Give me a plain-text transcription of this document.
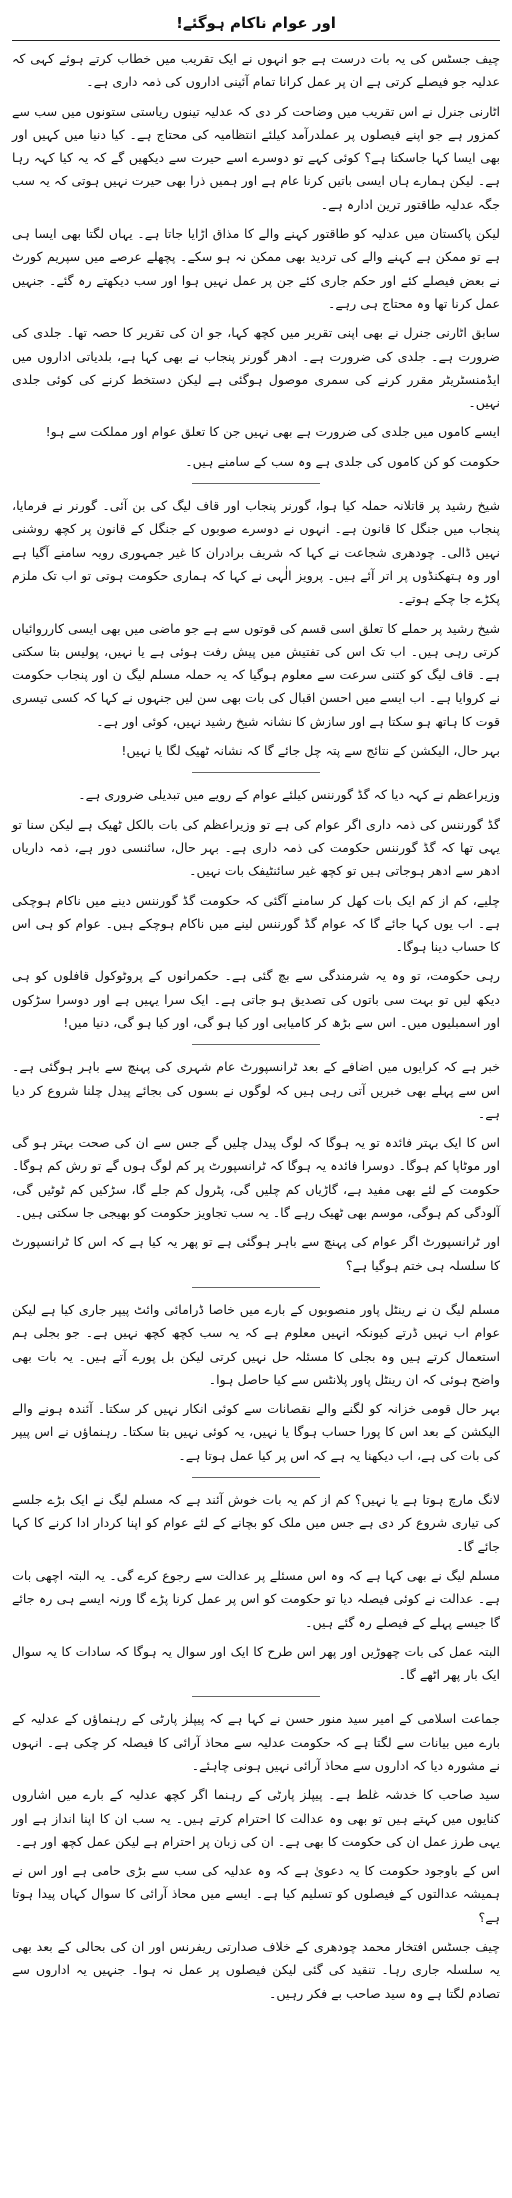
اور عوام ناکام ہوگئے!

چیف جسٹس کی یہ بات درست ہے جو انہوں نے ایک تقریب میں خطاب کرتے ہوئے کہی کہ عدلیہ جو فیصلے کرتی ہے ان پر عمل کرانا تمام آئینی اداروں کی ذمہ داری ہے۔

اٹارنی جنرل نے اس تقریب میں وضاحت کر دی کہ عدلیہ تینوں ریاستی ستونوں میں سب سے کمزور ہے جو اپنے فیصلوں پر عملدرآمد کیلئے انتظامیہ کی محتاج ہے۔ کیا دنیا میں کہیں اور بھی ایسا کہا جاسکتا ہے؟ کوئی کہے تو دوسرے اسے حیرت سے دیکھیں گے کہ یہ کیا کہہ رہا ہے۔ لیکن ہمارے ہاں ایسی باتیں کرنا عام ہے اور ہمیں ذرا بھی حیرت نہیں ہوتی کہ یہ سب جگہ عدلیہ طاقتور ترین ادارہ ہے۔

لیکن پاکستان میں عدلیہ کو طاقتور کہنے والے کا مذاق اڑایا جاتا ہے۔ یہاں لگتا بھی ایسا ہی ہے تو ممکن ہے کہنے والے کی تردید بھی ممکن نہ ہو سکے۔ پچھلے عرصے میں سپریم کورٹ نے بعض فیصلے کئے اور حکم جاری کئے جن پر عمل نہیں ہوا اور سب دیکھتے رہ گئے۔ جنہیں عمل کرنا تھا وہ محتاج ہی رہے۔

سابق اٹارنی جنرل نے بھی اپنی تقریر میں کچھ کہا، جو ان کی تقریر کا حصہ تھا۔ جلدی کی ضرورت ہے۔ جلدی کی ضرورت ہے۔ ادھر گورنر پنجاب نے بھی کہا ہے، بلدیاتی اداروں میں ایڈمنسٹریٹر مقرر کرنے کی سمری موصول ہوگئی ہے لیکن دستخط کرنے کی کوئی جلدی نہیں۔

ایسے کاموں میں جلدی کی ضرورت ہے بھی نہیں جن کا تعلق عوام اور مملکت سے ہو!

حکومت کو کن کاموں کی جلدی ہے وہ سب کے سامنے ہیں۔

شیخ رشید پر قاتلانہ حملہ کیا ہوا، گورنر پنجاب اور قاف لیگ کی بن آئی۔ گورنر نے فرمایا، پنجاب میں جنگل کا قانون ہے۔ انہوں نے دوسرے صوبوں کے جنگل کے قانون پر کچھ روشنی نہیں ڈالی۔ چودھری شجاعت نے کہا کہ شریف برادران کا غیر جمہوری رویہ سامنے آگیا ہے اور وہ ہتھکنڈوں پر اتر آئے ہیں۔ پرویز الٰہی نے کہا کہ ہماری حکومت ہوتی تو اب تک ملزم پکڑے جا چکے ہوتے۔

شیخ رشید پر حملے کا تعلق اسی قسم کی قوتوں سے ہے جو ماضی میں بھی ایسی کارروائیاں کرتی رہی ہیں۔ اب تک اس کی تفتیش میں پیش رفت ہوئی ہے یا نہیں، پولیس بتا سکتی ہے۔ قاف لیگ کو کتنی سرعت سے معلوم ہوگیا کہ یہ حملہ مسلم لیگ ن اور پنجاب حکومت نے کروایا ہے۔ اب ایسے میں احسن اقبال کی بات بھی سن لیں جنہوں نے کہا کہ کسی تیسری قوت کا ہاتھ ہو سکتا ہے اور سازش کا نشانہ شیخ رشید نہیں، کوئی اور ہے۔

بہر حال، الیکشن کے نتائج سے پتہ چل جائے گا کہ نشانہ ٹھیک لگا یا نہیں!

وزیراعظم نے کہہ دیا کہ گڈ گورننس کیلئے عوام کے رویے میں تبدیلی ضروری ہے۔

گڈ گورننس کی ذمہ داری اگر عوام کی ہے تو وزیراعظم کی بات بالکل ٹھیک ہے لیکن سنا تو یہی تھا کہ گڈ گورننس حکومت کی ذمہ داری ہے۔ بہر حال، سائنسی دور ہے، ذمہ داریاں ادھر سے ادھر ہوجاتی ہیں تو کچھ غیر سائنٹیفک بات نہیں۔

چلیے، کم از کم ایک بات کھل کر سامنے آگئی کہ حکومت گڈ گورننس دینے میں ناکام ہوچکی ہے۔ اب یوں کہا جائے گا کہ عوام گڈ گورننس لینے میں ناکام ہوچکے ہیں۔ عوام کو ہی اس کا حساب دینا ہوگا۔

رہی حکومت، تو وہ یہ شرمندگی سے بچ گئی ہے۔ حکمرانوں کے پروٹوکول قافلوں کو ہی دیکھ لیں تو بہت سی باتوں کی تصدیق ہو جاتی ہے۔ ایک سرا یہیں ہے اور دوسرا سڑکوں اور اسمبلیوں میں۔ اس سے بڑھ کر کامیابی اور کیا ہو گی، اور کیا ہو گی، دنیا میں!

خبر ہے کہ کرایوں میں اضافے کے بعد ٹرانسپورٹ عام شہری کی پہنچ سے باہر ہوگئی ہے۔ اس سے پہلے بھی خبریں آتی رہی ہیں کہ لوگوں نے بسوں کی بجائے پیدل چلنا شروع کر دیا ہے۔

اس کا ایک بہتر فائدہ تو یہ ہوگا کہ لوگ پیدل چلیں گے جس سے ان کی صحت بہتر ہو گی اور موٹاپا کم ہوگا۔ دوسرا فائدہ یہ ہوگا کہ ٹرانسپورٹ پر کم لوگ ہوں گے تو رش کم ہوگا۔ حکومت کے لئے بھی مفید ہے، گاڑیاں کم چلیں گی، پٹرول کم جلے گا، سڑکیں کم ٹوٹیں گی، آلودگی کم ہوگی، موسم بھی ٹھیک رہے گا۔ یہ سب تجاویز حکومت کو بھیجی جا سکتی ہیں۔

اور ٹرانسپورٹ اگر عوام کی پہنچ سے باہر ہوگئی ہے تو پھر یہ کیا ہے کہ اس کا ٹرانسپورٹ کا سلسلہ ہی ختم ہوگیا ہے؟

مسلم لیگ ن نے رینٹل پاور منصوبوں کے بارے میں خاصا ڈرامائی وائٹ پیپر جاری کیا ہے لیکن عوام اب نہیں ڈرتے کیونکہ انہیں معلوم ہے کہ یہ سب کچھ کچھ نہیں ہے۔ جو بجلی ہم استعمال کرتے ہیں وہ بجلی کا مسئلہ حل نہیں کرتی لیکن بل پورے آتے ہیں۔ یہ بات بھی واضح ہوئی کہ ان رینٹل پاور پلانٹس سے کیا حاصل ہوا۔

بہر حال قومی خزانہ کو لگنے والے نقصانات سے کوئی انکار نہیں کر سکتا۔ آئندہ ہونے والے الیکشن کے بعد اس کا پورا حساب ہوگا یا نہیں، یہ کوئی نہیں بتا سکتا۔ رہنماؤں نے اس پیپر کی بات کی ہے، اب دیکھنا یہ ہے کہ اس پر کیا عمل ہوتا ہے۔

لانگ مارچ ہوتا ہے یا نہیں؟ کم از کم یہ بات خوش آئند ہے کہ مسلم لیگ نے ایک بڑے جلسے کی تیاری شروع کر دی ہے جس میں ملک کو بچانے کے لئے عوام کو اپنا کردار ادا کرنے کا کہا جائے گا۔

مسلم لیگ نے بھی کہا ہے کہ وہ اس مسئلے پر عدالت سے رجوع کرے گی۔ یہ البتہ اچھی بات ہے۔ عدالت نے کوئی فیصلہ دیا تو حکومت کو اس پر عمل کرنا پڑے گا ورنہ ایسے ہی رہ جائے گا جیسے پہلے کے فیصلے رہ گئے ہیں۔

البتہ عمل کی بات چھوڑیں اور پھر اس طرح کا ایک اور سوال یہ ہوگا کہ سادات کا یہ سوال ایک بار پھر اٹھے گا۔

جماعت اسلامی کے امیر سید منور حسن نے کہا ہے کہ پیپلز پارٹی کے رہنماؤں کے عدلیہ کے بارے میں بیانات سے لگتا ہے کہ حکومت عدلیہ سے محاذ آرائی کا فیصلہ کر چکی ہے۔ انہوں نے مشورہ دیا کہ اداروں سے محاذ آرائی نہیں ہونی چاہئے۔

سید صاحب کا خدشہ غلط ہے۔ پیپلز پارٹی کے رہنما اگر کچھ عدلیہ کے بارے میں اشاروں کنایوں میں کہتے ہیں تو بھی وہ عدالت کا احترام کرتے ہیں۔ یہ سب ان کا اپنا انداز ہے اور یہی طرز عمل ان کی حکومت کا بھی ہے۔ ان کی زبان پر احترام ہے لیکن عمل کچھ اور ہے۔

اس کے باوجود حکومت کا یہ دعویٰ ہے کہ وہ عدلیہ کی سب سے بڑی حامی ہے اور اس نے ہمیشہ عدالتوں کے فیصلوں کو تسلیم کیا ہے۔ ایسے میں محاذ آرائی کا سوال کہاں پیدا ہوتا ہے؟

چیف جسٹس افتخار محمد چودھری کے خلاف صدارتی ریفرنس اور ان کی بحالی کے بعد بھی یہ سلسلہ جاری رہا۔ تنقید کی گئی لیکن فیصلوں پر عمل نہ ہوا۔ جنہیں یہ اداروں سے تصادم لگتا ہے وہ سید صاحب بے فکر رہیں۔
